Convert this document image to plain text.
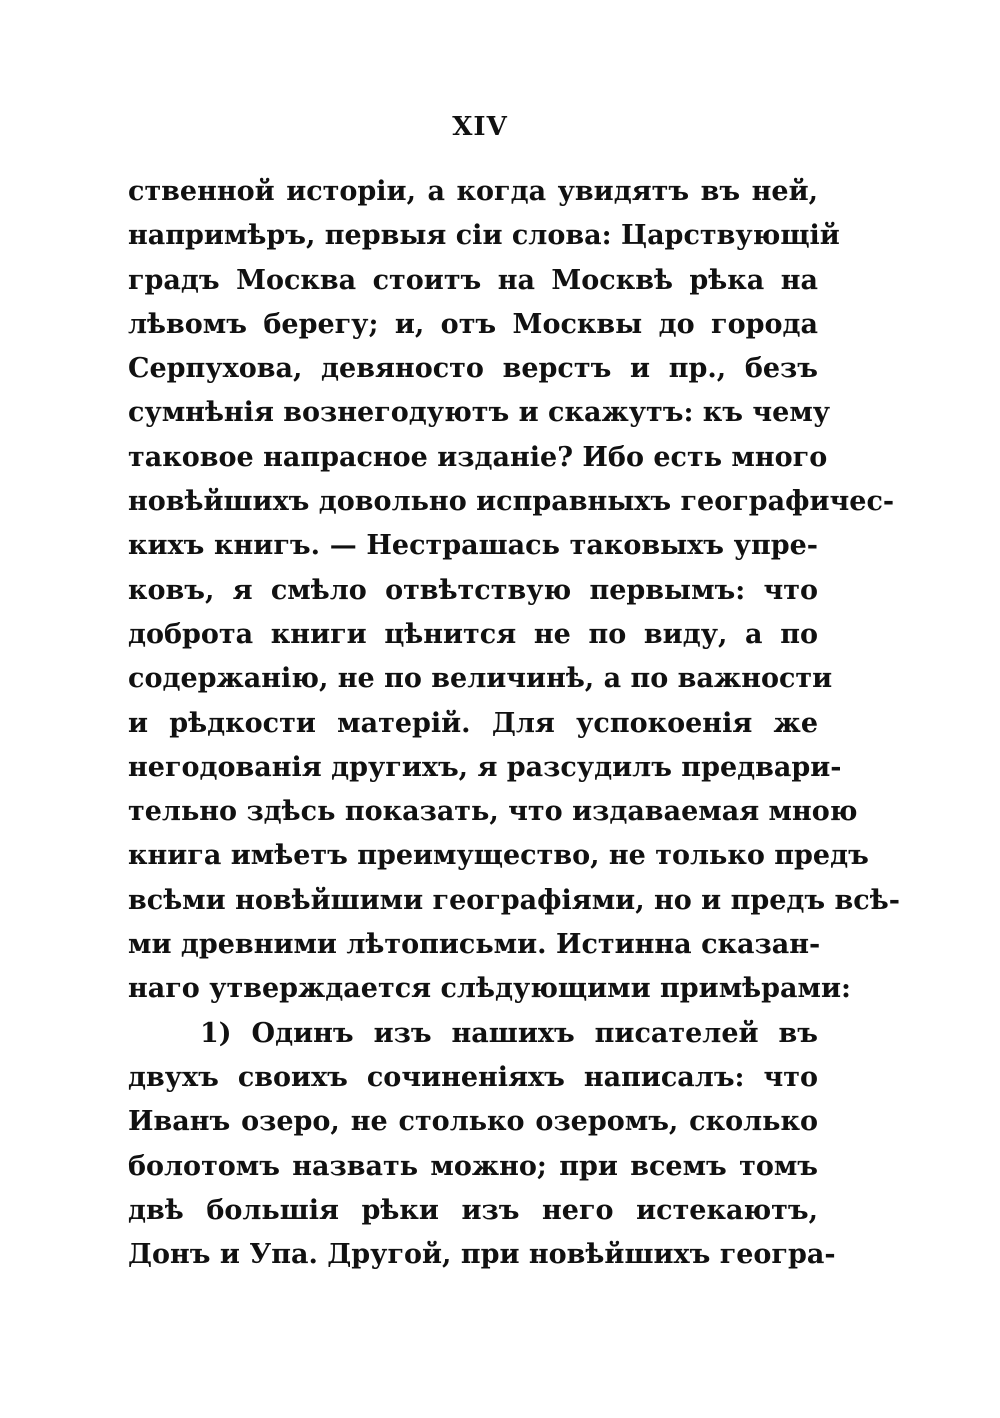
XIV
ственной исторіи, а когда увидятъ въ ней,
напримѣръ, первыя сіи слова: Царствующій
градъ Москва стоитъ на Москвѣ рѣка на
лѣвомъ берегу; и, отъ Москвы до города
Серпухова, девяносто верстъ и пр., безъ
сумнѣнія вознегодуютъ и скажутъ: къ чему
таковое напрасное изданіе? Ибо есть много
новѣйшихъ довольно исправныхъ географичес-
кихъ книгъ. — Нестрашась таковыхъ упре-
ковъ, я смѣло отвѣтствую первымъ: что
доброта книги цѣнится не по виду, а по
содержанію, не по величинѣ, а по важности
и рѣдкости матерій. Для успокоенія же
негодованія другихъ, я разсудилъ предвари-
тельно здѣсь показать, что издаваемая мною
книга имѣетъ преимущество, не только предъ
всѣми новѣйшими географіями, но и предъ всѣ-
ми древними лѣтописьми. Истинна сказан-
наго утверждается слѣдующими примѣрами:
1) Одинъ изъ нашихъ писателей въ
двухъ своихъ сочиненіяхъ написалъ: что
Иванъ озеро, не столько озеромъ, сколько
болотомъ назвать можно; при всемъ томъ
двѣ большія рѣки изъ него истекаютъ,
Донъ и Упа. Другой, при новѣйшихъ геогра-
